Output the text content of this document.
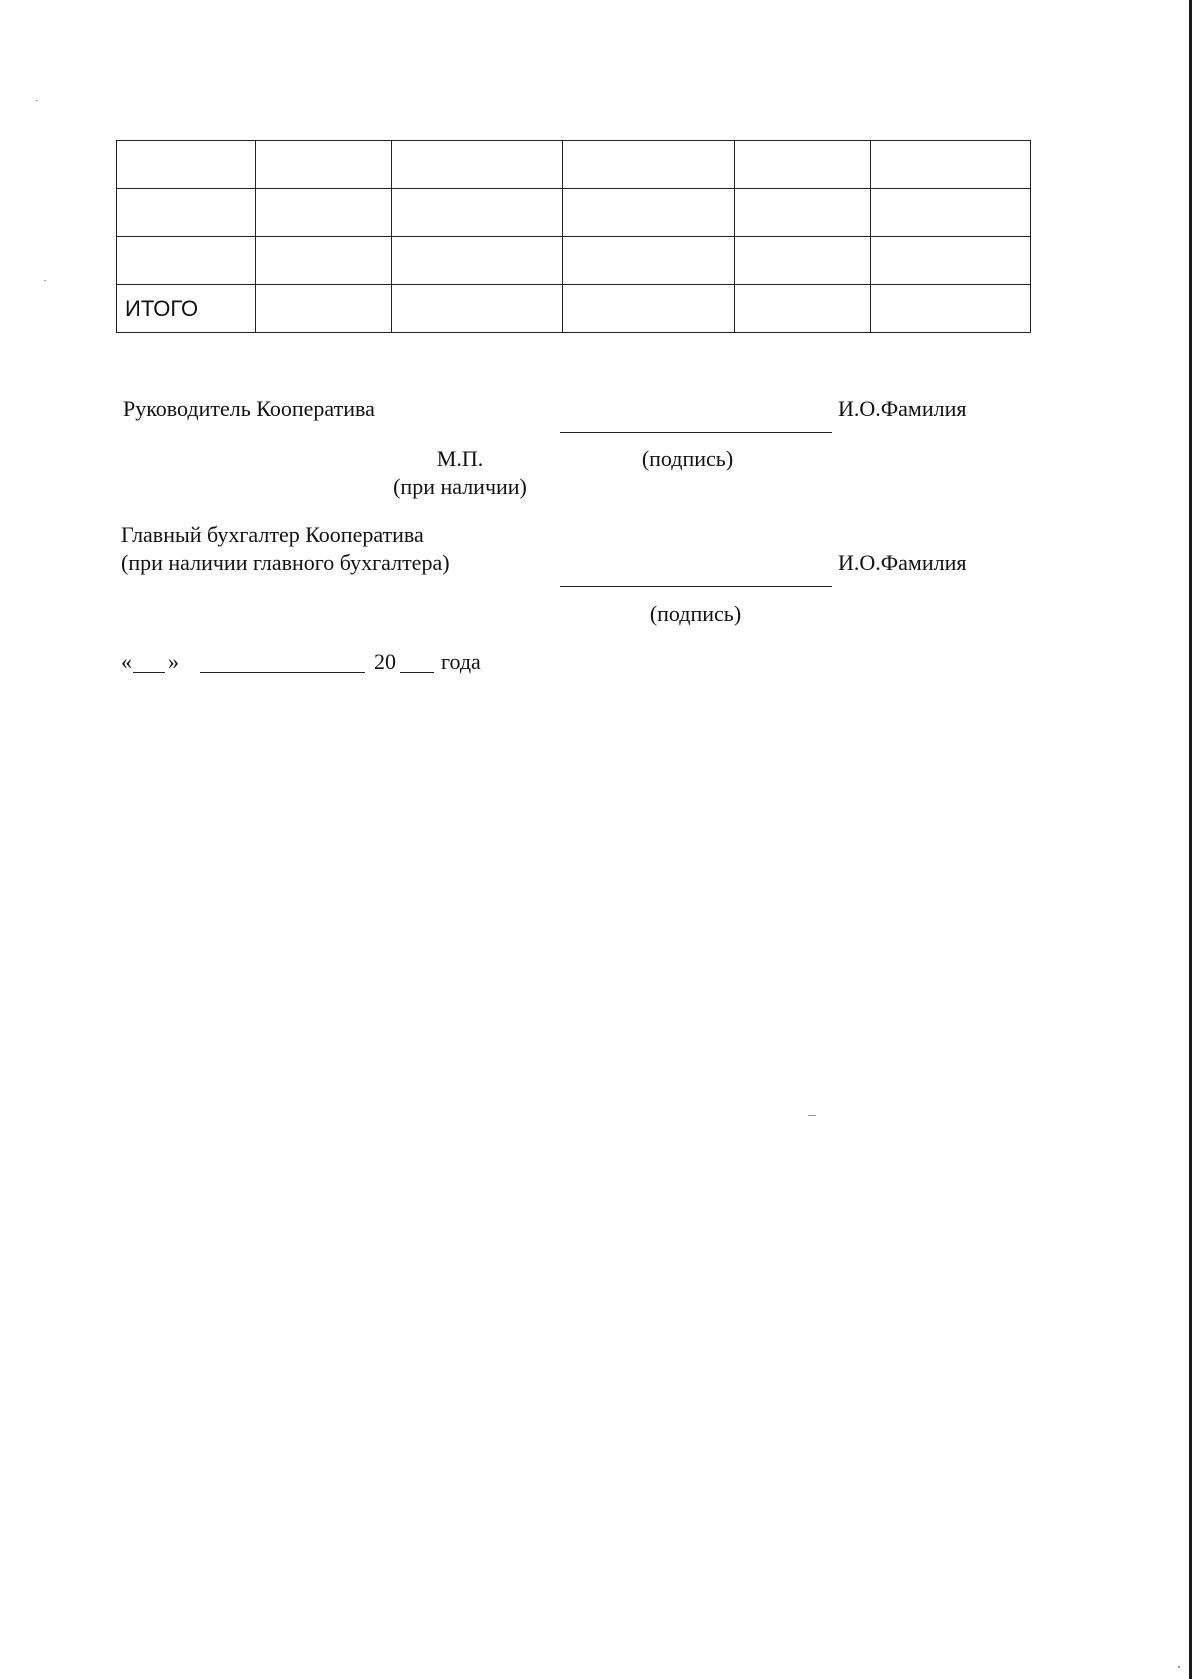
ИТОГО					
Руководитель Кооператива	И.О.Фамилия
М.П.	(подпись)
(при наличии)
Главный бухгалтер Кооператива
(при наличии главного бухгалтера)	И.О.Фамилия
(подпись)
« »	20 года
